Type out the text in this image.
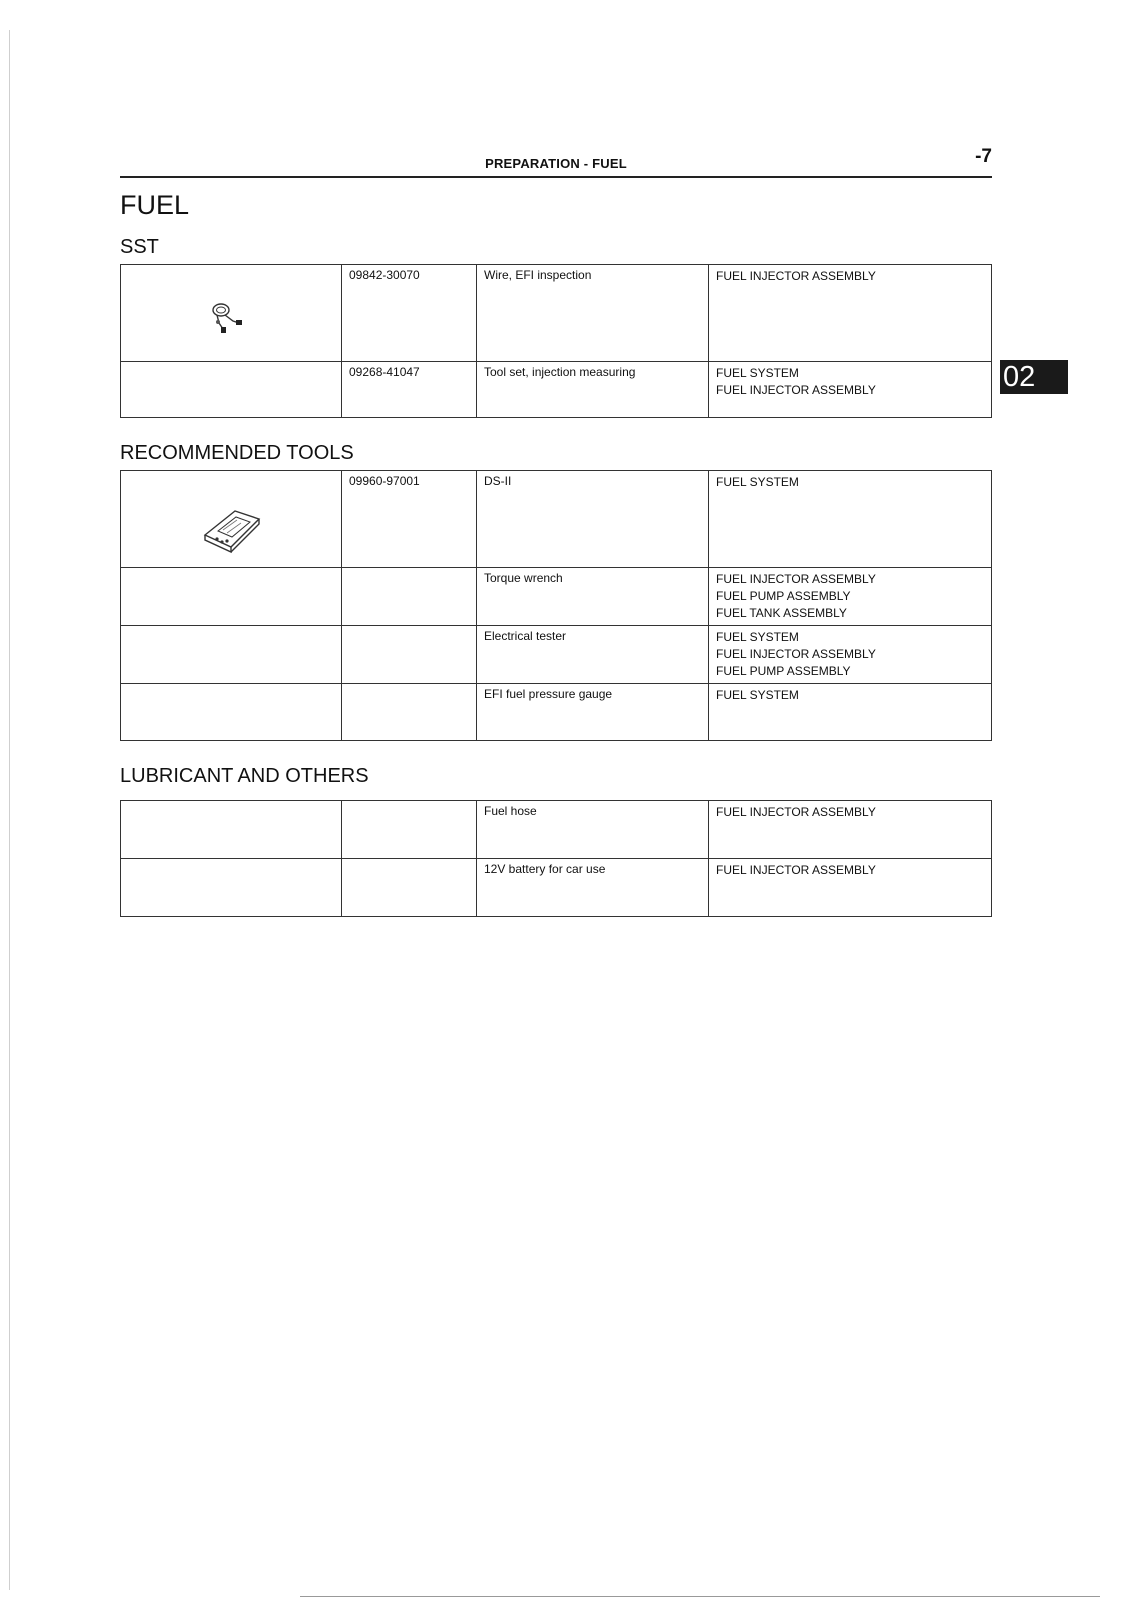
PREPARATION - FUEL	-7
FUEL
02
SST
	09842-30070	Wire, EFI inspection	FUEL INJECTOR ASSEMBLY

	09268-41047	Tool set, injection measuring	FUEL SYSTEM
FUEL INJECTOR ASSEMBLY
RECOMMENDED TOOLS
	09960-97001	DS-II	FUEL SYSTEM

		Torque wrench	FUEL INJECTOR ASSEMBLY
FUEL PUMP ASSEMBLY
FUEL TANK ASSEMBLY

		Electrical tester	FUEL SYSTEM
FUEL INJECTOR ASSEMBLY
FUEL PUMP ASSEMBLY

		EFI fuel pressure gauge	FUEL SYSTEM
LUBRICANT AND OTHERS
		Fuel hose	FUEL INJECTOR ASSEMBLY

		12V battery for car use	FUEL INJECTOR ASSEMBLY
